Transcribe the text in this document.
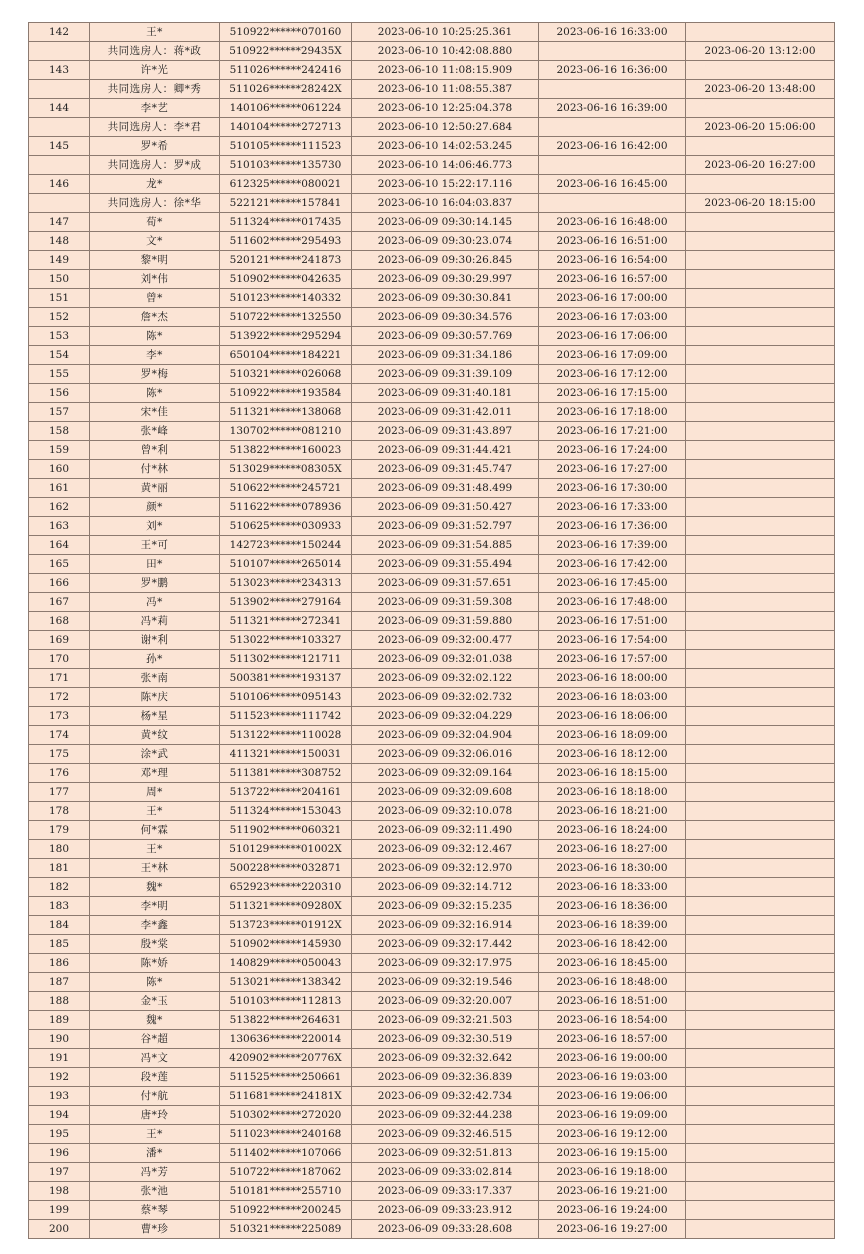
142	王*	510922******070160	2023-06-10 10:25:25.361	2023-06-16 16:33:00	
	共同选房人：蒋*政	510922******29435X	2023-06-10 10:42:08.880		2023-06-20 13:12:00
143	许*光	511026******242416	2023-06-10 11:08:15.909	2023-06-16 16:36:00	
	共同选房人：卿*秀	511026******28242X	2023-06-10 11:08:55.387		2023-06-20 13:48:00
144	李*艺	140106******061224	2023-06-10 12:25:04.378	2023-06-16 16:39:00	
	共同选房人：李*君	140104******272713	2023-06-10 12:50:27.684		2023-06-20 15:06:00
145	罗*希	510105******111523	2023-06-10 14:02:53.245	2023-06-16 16:42:00	
	共同选房人：罗*成	510103******135730	2023-06-10 14:06:46.773		2023-06-20 16:27:00
146	龙*	612325******080021	2023-06-10 15:22:17.116	2023-06-16 16:45:00	
	共同选房人：徐*华	522121******157841	2023-06-10 16:04:03.837		2023-06-20 18:15:00
147	荀*	511324******017435	2023-06-09 09:30:14.145	2023-06-16 16:48:00	
148	文*	511602******295493	2023-06-09 09:30:23.074	2023-06-16 16:51:00	
149	黎*明	520121******241873	2023-06-09 09:30:26.845	2023-06-16 16:54:00	
150	刘*伟	510902******042635	2023-06-09 09:30:29.997	2023-06-16 16:57:00	
151	曾*	510123******140332	2023-06-09 09:30:30.841	2023-06-16 17:00:00	
152	詹*杰	510722******132550	2023-06-09 09:30:34.576	2023-06-16 17:03:00	
153	陈*	513922******295294	2023-06-09 09:30:57.769	2023-06-16 17:06:00	
154	李*	650104******184221	2023-06-09 09:31:34.186	2023-06-16 17:09:00	
155	罗*梅	510321******026068	2023-06-09 09:31:39.109	2023-06-16 17:12:00	
156	陈*	510922******193584	2023-06-09 09:31:40.181	2023-06-16 17:15:00	
157	宋*佳	511321******138068	2023-06-09 09:31:42.011	2023-06-16 17:18:00	
158	张*峰	130702******081210	2023-06-09 09:31:43.897	2023-06-16 17:21:00	
159	曾*利	513822******160023	2023-06-09 09:31:44.421	2023-06-16 17:24:00	
160	付*林	513029******08305X	2023-06-09 09:31:45.747	2023-06-16 17:27:00	
161	黄*丽	510622******245721	2023-06-09 09:31:48.499	2023-06-16 17:30:00	
162	颜*	511622******078936	2023-06-09 09:31:50.427	2023-06-16 17:33:00	
163	刘*	510625******030933	2023-06-09 09:31:52.797	2023-06-16 17:36:00	
164	王*可	142723******150244	2023-06-09 09:31:54.885	2023-06-16 17:39:00	
165	田*	510107******265014	2023-06-09 09:31:55.494	2023-06-16 17:42:00	
166	罗*鹏	513023******234313	2023-06-09 09:31:57.651	2023-06-16 17:45:00	
167	冯*	513902******279164	2023-06-09 09:31:59.308	2023-06-16 17:48:00	
168	冯*莉	511321******272341	2023-06-09 09:31:59.880	2023-06-16 17:51:00	
169	谢*利	513022******103327	2023-06-09 09:32:00.477	2023-06-16 17:54:00	
170	孙*	511302******121711	2023-06-09 09:32:01.038	2023-06-16 17:57:00	
171	张*南	500381******193137	2023-06-09 09:32:02.122	2023-06-16 18:00:00	
172	陈*庆	510106******095143	2023-06-09 09:32:02.732	2023-06-16 18:03:00	
173	杨*星	511523******111742	2023-06-09 09:32:04.229	2023-06-16 18:06:00	
174	黄*纹	513122******110028	2023-06-09 09:32:04.904	2023-06-16 18:09:00	
175	涂*武	411321******150031	2023-06-09 09:32:06.016	2023-06-16 18:12:00	
176	邓*理	511381******308752	2023-06-09 09:32:09.164	2023-06-16 18:15:00	
177	周*	513722******204161	2023-06-09 09:32:09.608	2023-06-16 18:18:00	
178	王*	511324******153043	2023-06-09 09:32:10.078	2023-06-16 18:21:00	
179	何*霖	511902******060321	2023-06-09 09:32:11.490	2023-06-16 18:24:00	
180	王*	510129******01002X	2023-06-09 09:32:12.467	2023-06-16 18:27:00	
181	王*林	500228******032871	2023-06-09 09:32:12.970	2023-06-16 18:30:00	
182	魏*	652923******220310	2023-06-09 09:32:14.712	2023-06-16 18:33:00	
183	李*明	511321******09280X	2023-06-09 09:32:15.235	2023-06-16 18:36:00	
184	李*鑫	513723******01912X	2023-06-09 09:32:16.914	2023-06-16 18:39:00	
185	殷*棠	510902******145930	2023-06-09 09:32:17.442	2023-06-16 18:42:00	
186	陈*娇	140829******050043	2023-06-09 09:32:17.975	2023-06-16 18:45:00	
187	陈*	513021******138342	2023-06-09 09:32:19.546	2023-06-16 18:48:00	
188	金*玉	510103******112813	2023-06-09 09:32:20.007	2023-06-16 18:51:00	
189	魏*	513822******264631	2023-06-09 09:32:21.503	2023-06-16 18:54:00	
190	谷*超	130636******220014	2023-06-09 09:32:30.519	2023-06-16 18:57:00	
191	冯*文	420902******20776X	2023-06-09 09:32:32.642	2023-06-16 19:00:00	
192	段*莲	511525******250661	2023-06-09 09:32:36.839	2023-06-16 19:03:00	
193	付*航	511681******24181X	2023-06-09 09:32:42.734	2023-06-16 19:06:00	
194	唐*玲	510302******272020	2023-06-09 09:32:44.238	2023-06-16 19:09:00	
195	王*	511023******240168	2023-06-09 09:32:46.515	2023-06-16 19:12:00	
196	潘*	511402******107066	2023-06-09 09:32:51.813	2023-06-16 19:15:00	
197	冯*芳	510722******187062	2023-06-09 09:33:02.814	2023-06-16 19:18:00	
198	张*池	510181******255710	2023-06-09 09:33:17.337	2023-06-16 19:21:00	
199	蔡*琴	510922******200245	2023-06-09 09:33:23.912	2023-06-16 19:24:00	
200	曹*珍	510321******225089	2023-06-09 09:33:28.608	2023-06-16 19:27:00	
